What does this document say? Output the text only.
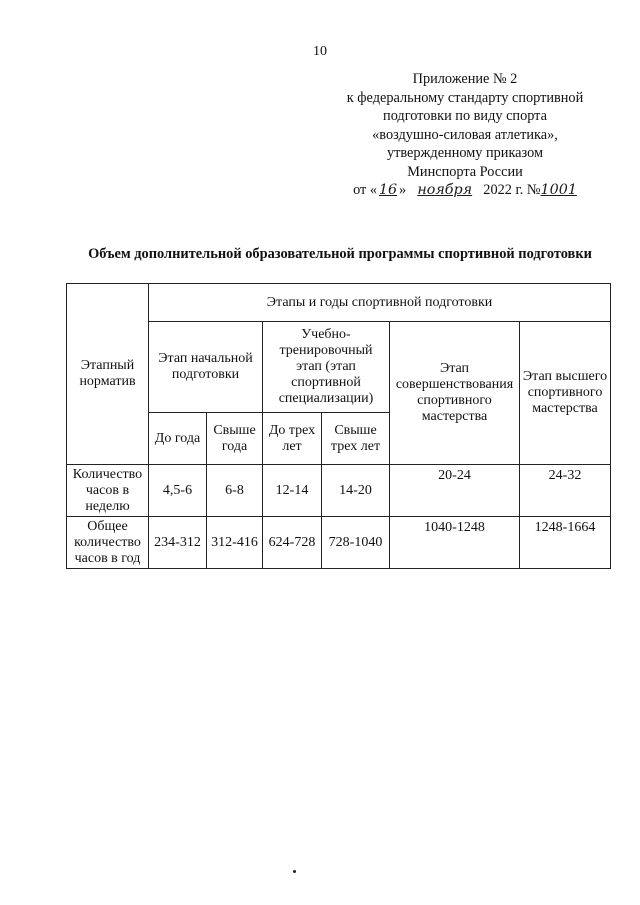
10
Приложение № 2
к федеральному стандарту спортивной
подготовки по виду спорта
«воздушно-силовая атлетика»,
утвержденному приказом
Минспорта России
от « 16 » ноября 2022 г. №1001
Объем дополнительной образовательной программы спортивной подготовки
Этапный норматив	Этапы и годы спортивной подготовки					
	Этап начальной подготовки		Учебно-тренировочный этап (этап спортивной специализации)		Этап совершенствования спортивного мастерства	Этап высшего спортивного мастерства
	До года	Свыше года	До трех лет	Свыше трех лет		
Количество часов в неделю	4,5-6	6-8	12-14	14-20	20-24	24-32
Общее количество часов в год	234-312	312-416	624-728	728-1040	1040-1248	1248-1664
